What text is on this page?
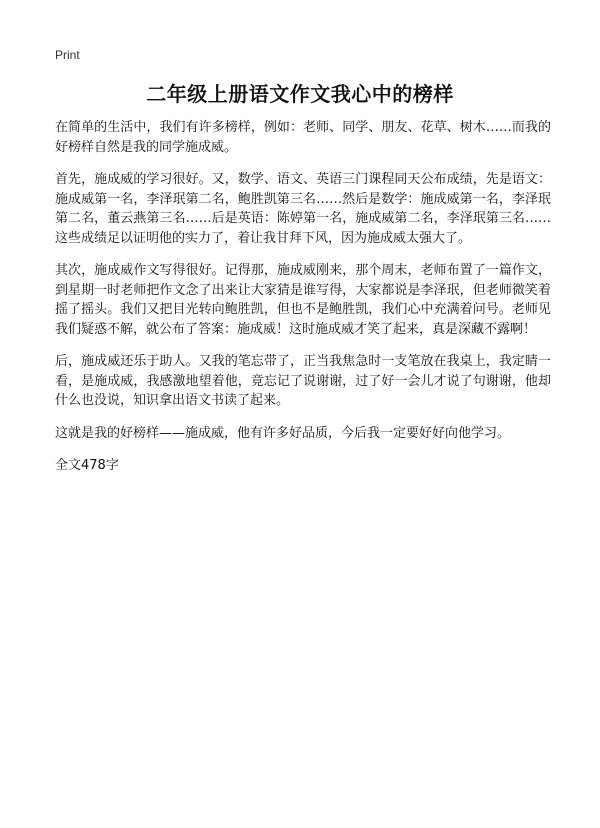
Print
二年级上册语文作文我心中的榜样

在简单的生活中，我们有许多榜样，例如：老师、同学、朋友、花草、树木……而我的好榜样自然是我的同学施成威。

首先，施成威的学习很好。又，数学、语文、英语三门课程同天公布成绩，先是语文：施成威第一名，李泽珉第二名，鲍胜凯第三名……然后是数学：施成威第一名，李泽珉第二名，董云燕第三名……后是英语：陈婷第一名，施成威第二名，李泽珉第三名……这些成绩足以证明他的实力了，着让我甘拜下风，因为施成威太强大了。

其次，施成威作文写得很好。记得那，施成威刚来，那个周末，老师布置了一篇作文，到星期一时老师把作文念了出来让大家猜是谁写得，大家都说是李泽珉，但老师微笑着摇了摇头。我们又把目光转向鲍胜凯，但也不是鲍胜凯，我们心中充满着问号。老师见我们疑惑不解，就公布了答案：施成威！这时施成威才笑了起来，真是深藏不露啊！

后，施成威还乐于助人。又我的笔忘带了，正当我焦急时一支笔放在我桌上，我定睛一看，是施成威，我感激地望着他，竟忘记了说谢谢，过了好一会儿才说了句谢谢，他却什么也没说，知识拿出语文书读了起来。

这就是我的好榜样——施成威，他有许多好品质，今后我一定要好好向他学习。

全文478字
